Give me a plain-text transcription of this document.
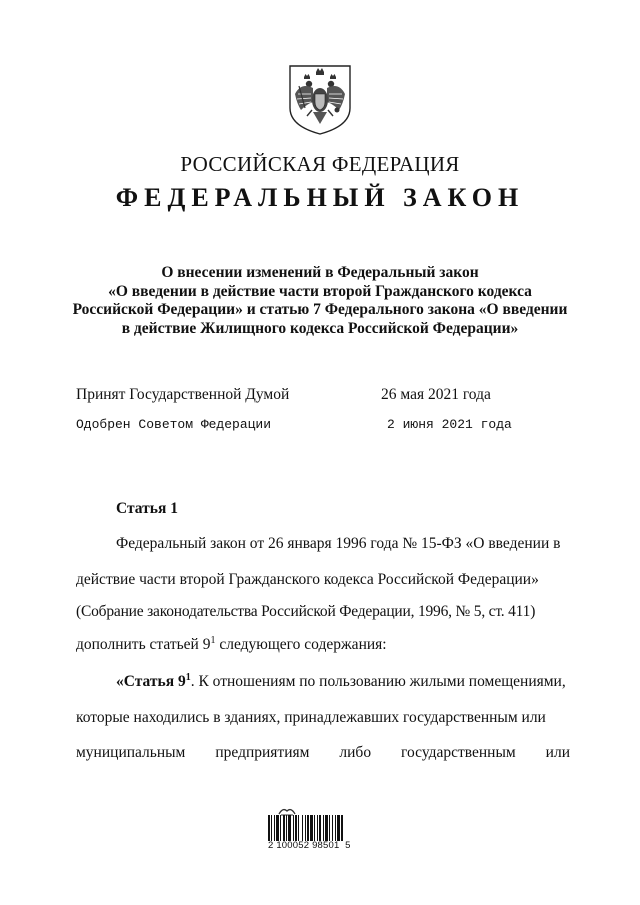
РОССИЙСКАЯ ФЕДЕРАЦИЯ
ФЕДЕРАЛЬНЫЙ ЗАКОН
О внесении изменений в Федеральный закон
«О введении в действие части второй Гражданского кодекса
Российской Федерации» и статью 7 Федерального закона «О введении
в действие Жилищного кодекса Российской Федерации»
Принят Государственной Думой	26 мая 2021 года
Одобрен Советом Федерации	2 июня 2021 года
Статья 1
Федеральный закон от 26 января 1996 года № 15-ФЗ «О введении в
действие части второй Гражданского кодекса Российской Федерации»
(Собрание законодательства Российской Федерации, 1996, № 5, ст. 411)
дополнить статьей $9^1$ следующего содержания:
«Статья $9^1$. К отношениям по пользованию жилыми помещениями,
которые находились в зданиях, принадлежавших государственным или
муниципальным предприятиям либо государственным или
2 100052 98501  5
